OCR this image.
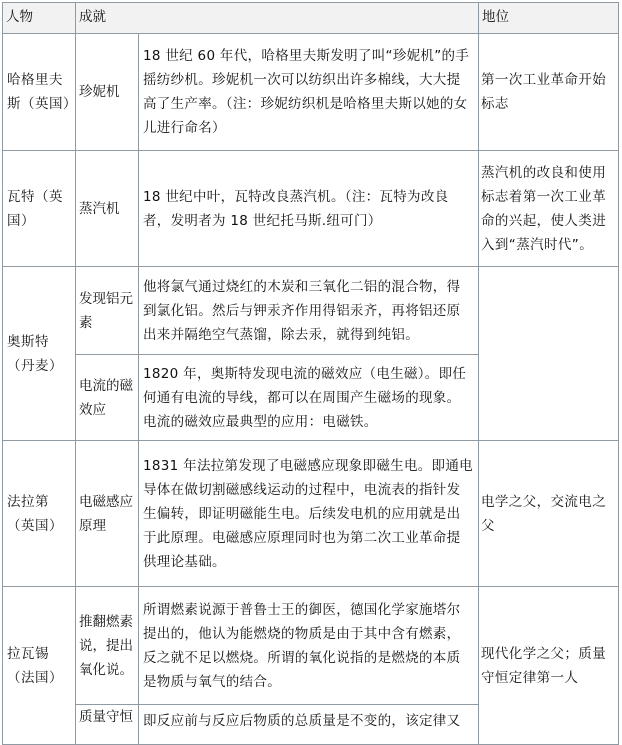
人物	成就		地位
哈格里夫斯（英国）	珍妮机	18 世纪 60 年代，哈格里夫斯发明了叫“珍妮机”的手摇纺纱机。珍妮机一次可以纺织出许多棉线，大大提高了生产率。（注：珍妮纺织机是哈格里夫斯以她的女儿进行命名）	第一次工业革命开始标志
瓦特（英国）	蒸汽机	18 世纪中叶，瓦特改良蒸汽机。（注：瓦特为改良者，发明者为 18 世纪托马斯.纽可门）	蒸汽机的改良和使用标志着第一次工业革命的兴起，使人类进入到“蒸汽时代”。
奥斯特（丹麦）	发现铝元素	他将氯气通过烧红的木炭和三氧化二铝的混合物，得到氯化铝。然后与钾汞齐作用得铝汞齐，再将铝还原出来并隔绝空气蒸馏，除去汞，就得到纯铝。	
	电流的磁效应	1820 年，奥斯特发现电流的磁效应（电生磁）。即任何通有电流的导线，都可以在周围产生磁场的现象。电流的磁效应最典型的应用：电磁铁。	
法拉第（英国）	电磁感应原理	1831 年法拉第发现了电磁感应现象即磁生电。即通电导体在做切割磁感线运动的过程中，电流表的指针发生偏转，即证明磁能生电。后续发电机的应用就是出于此原理。电磁感应原理同时也为第二次工业革命提供理论基础。	电学之父，交流电之父
拉瓦锡（法国）	推翻燃素说，提出氧化说。	所谓燃素说源于普鲁士王的御医，德国化学家施塔尔提出的，他认为能燃烧的物质是由于其中含有燃素，反之就不足以燃烧。所谓的氧化说指的是燃烧的本质是物质与氧气的结合。	现代化学之父；质量守恒定律第一人
	质量守恒	即反应前与反应后物质的总质量是不变的，该定律又	
